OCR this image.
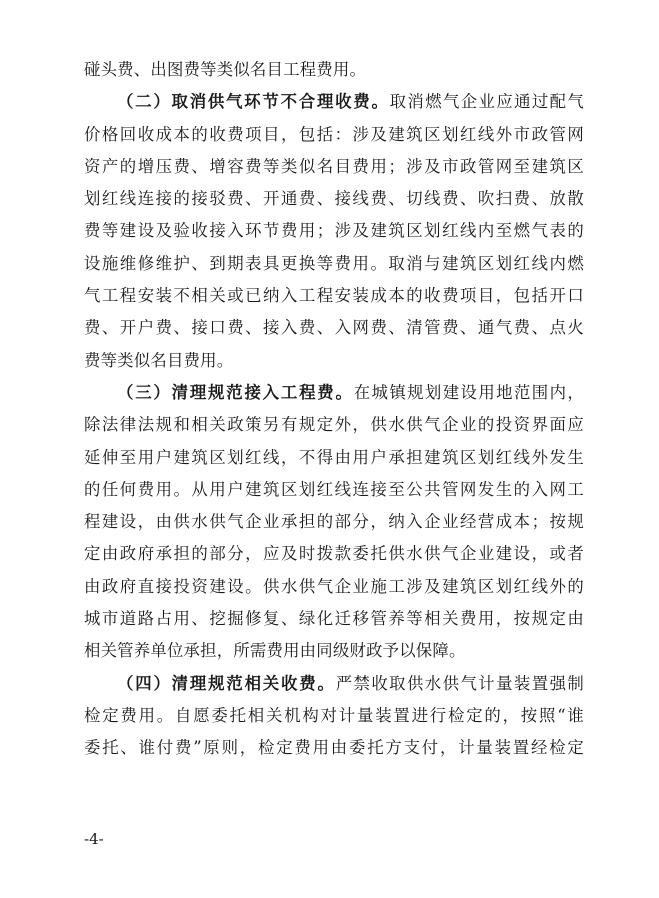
碰头费、出图费等类似名目工程费用。
（二）取消供气环节不合理收费。取消燃气企业应通过配气
价格回收成本的收费项目，包括：涉及建筑区划红线外市政管网
资产的增压费、增容费等类似名目费用；涉及市政管网至建筑区
划红线连接的接驳费、开通费、接线费、切线费、吹扫费、放散
费等建设及验收接入环节费用；涉及建筑区划红线内至燃气表的
设施维修维护、到期表具更换等费用。取消与建筑区划红线内燃
气工程安装不相关或已纳入工程安装成本的收费项目，包括开口
费、开户费、接口费、接入费、入网费、清管费、通气费、点火
费等类似名目费用。
（三）清理规范接入工程费。在城镇规划建设用地范围内，
除法律法规和相关政策另有规定外，供水供气企业的投资界面应
延伸至用户建筑区划红线，不得由用户承担建筑区划红线外发生
的任何费用。从用户建筑区划红线连接至公共管网发生的入网工
程建设，由供水供气企业承担的部分，纳入企业经营成本；按规
定由政府承担的部分，应及时拨款委托供水供气企业建设，或者
由政府直接投资建设。供水供气企业施工涉及建筑区划红线外的
城市道路占用、挖掘修复、绿化迁移管养等相关费用，按规定由
相关管养单位承担，所需费用由同级财政予以保障。
（四）清理规范相关收费。严禁收取供水供气计量装置强制
检定费用。自愿委托相关机构对计量装置进行检定的，按照“谁
委托、谁付费”原则，检定费用由委托方支付，计量装置经检定
-4-
